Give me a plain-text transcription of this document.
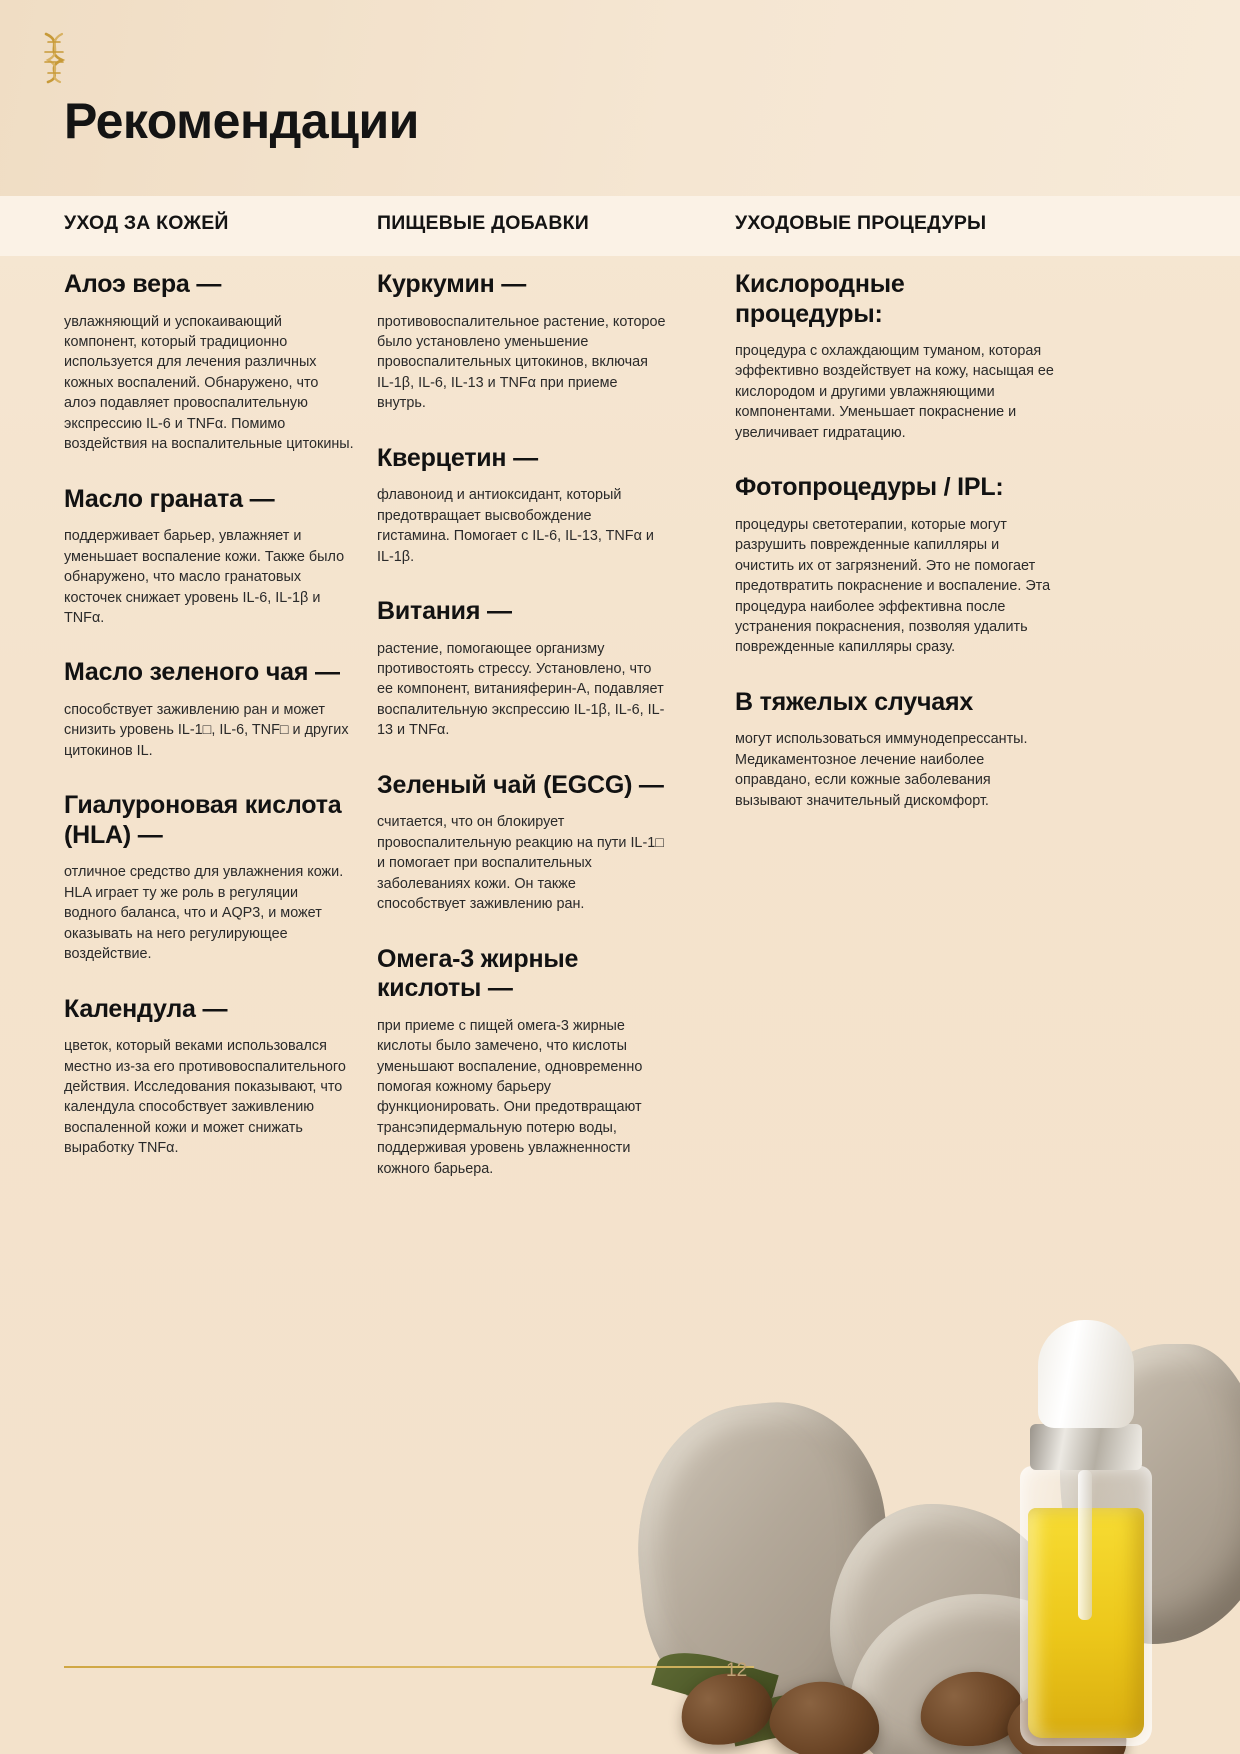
Рекомендации
УХОД ЗА КОЖЕЙ	ПИЩЕВЫЕ ДОБАВКИ	УХОДОВЫЕ ПРОЦЕДУРЫ
Алоэ вера —

увлажняющий и успокаивающий компонент, который традиционно используется для лечения различных кожных воспалений. Обнаружено, что алоэ подавляет провоспалительную экспрессию IL-6 и TNFα. Помимо воздействия на воспалительные цитокины.

Масло граната —

поддерживает барьер, увлажняет и уменьшает воспаление кожи. Также было обнаружено, что масло гранатовых косточек снижает уровень IL-6, IL-1β и TNFα.

Масло зеленого чая —

способствует заживлению ран и может снизить уровень IL-1□, IL-6, TNF□ и других цитокинов IL.

Гиалуроновая кислота (HLA) —

отличное средство для увлажнения кожи. HLA играет ту же роль в регуляции водного баланса, что и AQP3, и может оказывать на него регулирующее воздействие.

Календула —

цветок, который веками использовался местно из-за его противовоспалительного действия. Исследования показывают, что календула способствует заживлению воспаленной кожи и может снижать выработку TNFα.

Куркумин —

противовоспалительное растение, которое было установлено уменьшение провоспалительных цитокинов, включая IL-1β, IL-6, IL-13 и TNFα при приеме внутрь.

Кверцетин —

флавоноид и антиоксидант, который предотвращает высвобождение гистамина. Помогает с IL-6, IL-13, TNFα и IL-1β.

Витания —

растение, помогающее организму противостоять стрессу. Установлено, что ее компонент, витанияферин-А, подавляет воспалительную экспрессию IL-1β, IL-6, IL-13 и TNFα.

Зеленый чай (EGCG) —

считается, что он блокирует провоспалительную реакцию на пути IL-1□ и помогает при воспалительных заболеваниях кожи. Он также способствует заживлению ран.

Омега-3 жирные кислоты —

при приеме с пищей омега-3 жирные кислоты было замечено, что кислоты уменьшают воспаление, одновременно помогая кожному барьеру функционировать. Они предотвращают трансэпидермальную потерю воды, поддерживая уровень увлажненности кожного барьера.

Кислородные процедуры:

процедура с охлаждающим туманом, которая эффективно воздействует на кожу, насыщая ее кислородом и другими увлажняющими компонентами. Уменьшает покраснение и увеличивает гидратацию.

Фотопроцедуры / IPL:

процедуры светотерапии, которые могут разрушить поврежденные капилляры и очистить их от загрязнений. Это не помогает предотвратить покраснение и воспаление. Эта процедура наиболее эффективна после устранения покраснения, позволяя удалить поврежденные капилляры сразу.

В тяжелых случаях

могут использоваться иммунодепрессанты. Медикаментозное лечение наиболее оправдано, если кожные заболевания вызывают значительный дискомфорт.

12
